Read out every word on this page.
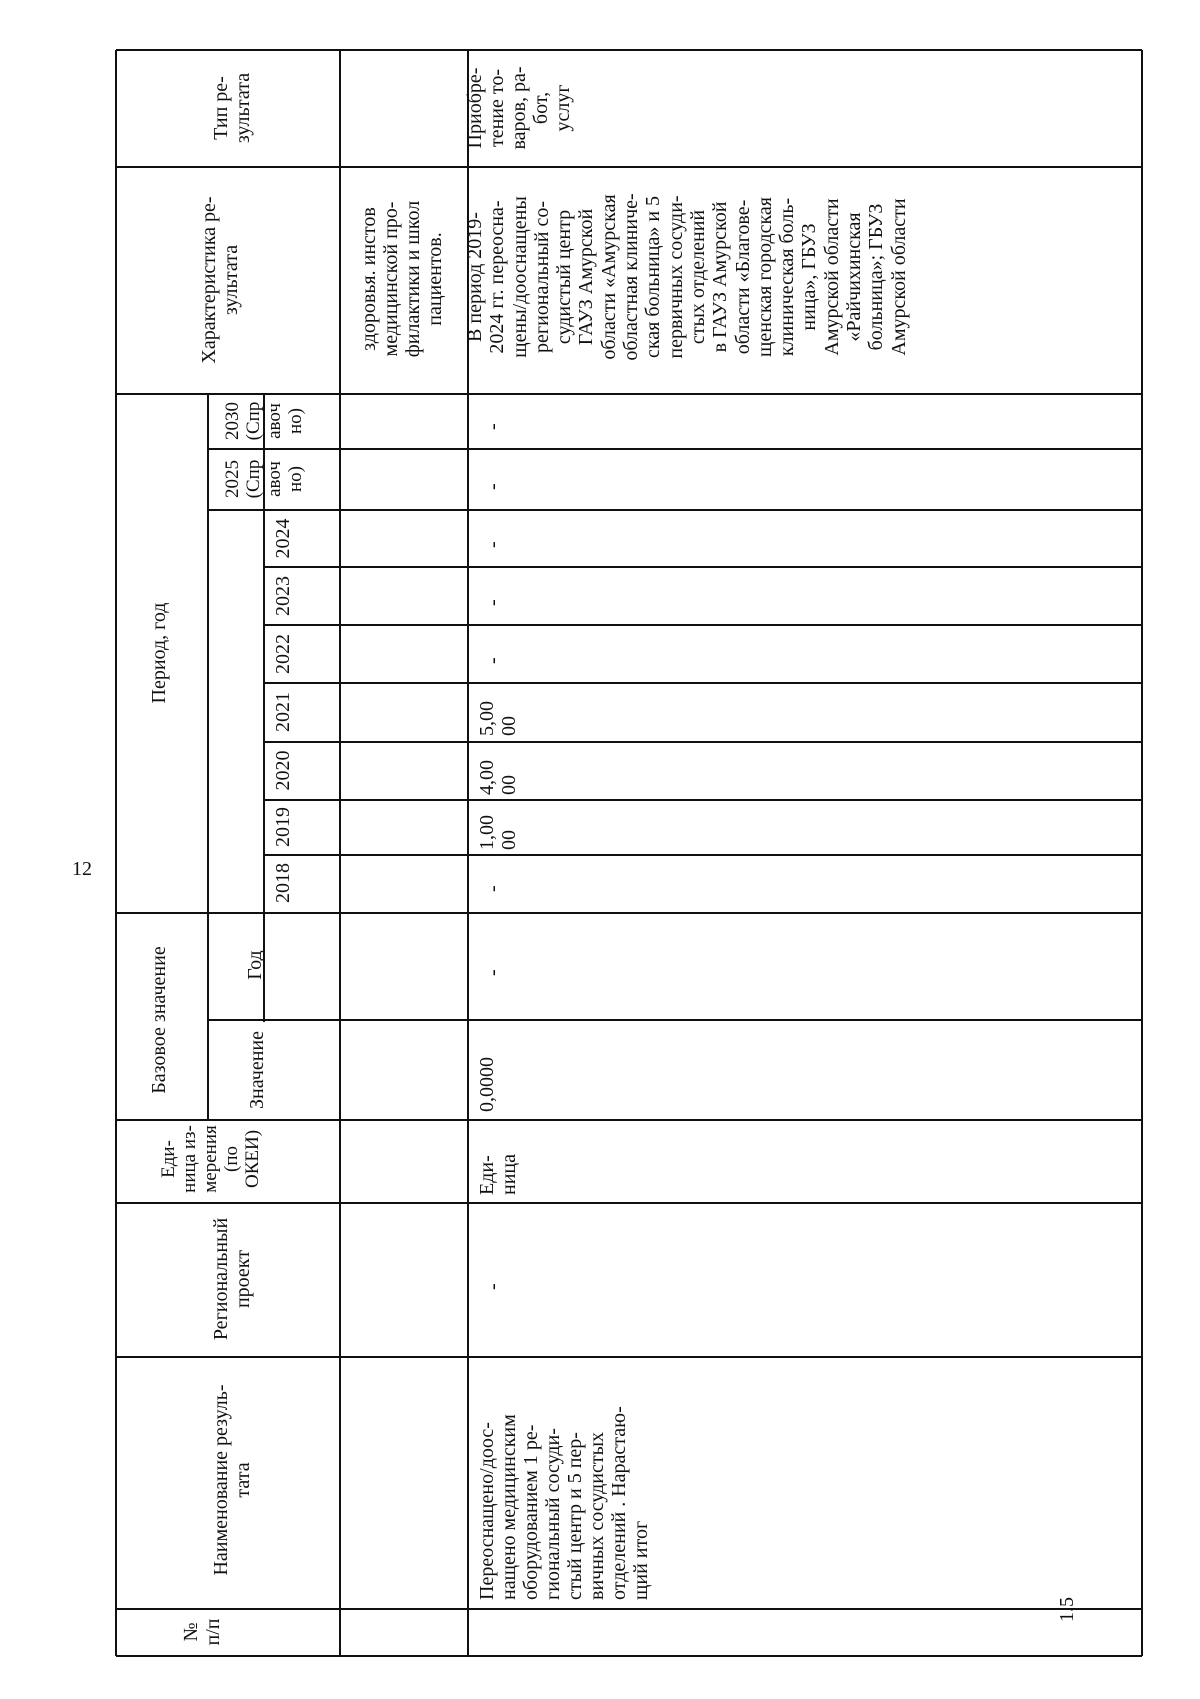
12
№ п/п
Наименование резуль- тата
Региональный проект
Еди- ница из- мерения (по ОКЕИ)
Базовое значение	Значение
Год
Период, год
2018
2019
2020
2021
2022
2023
2024
2025 (Спр авоч но)
2030 (Спр авоч но)
Характеристика ре- зультата
Тип ре- зультата
здоровья. инстов медицинской про- филактики и школ пациентов.
1.5
Переоснащено/доос- нащено медицинским оборудованием 1 ре- гиональный сосуди- стый центр и 5 пер- вичных сосудистых отделений . Нарастаю- щий итог
-
Еди- ница
0,0000
-
-
1,00 00
4,00 00
5,00 00
-
-
-
-
-
В период 2019- 2024 гг. переосна- щены/дооснащены региональный со- судистый центр ГАУЗ Амурской области «Амурская областная клиниче- ская больница» и 5 первичных сосуди- стых отделений в ГАУЗ Амурской области «Благове- щенская городская клиническая боль- ница», ГБУЗ Амурской области «Райчихинская больница»; ГБУЗ Амурской области
Приобре- тение то- варов, ра- бот, услуг
